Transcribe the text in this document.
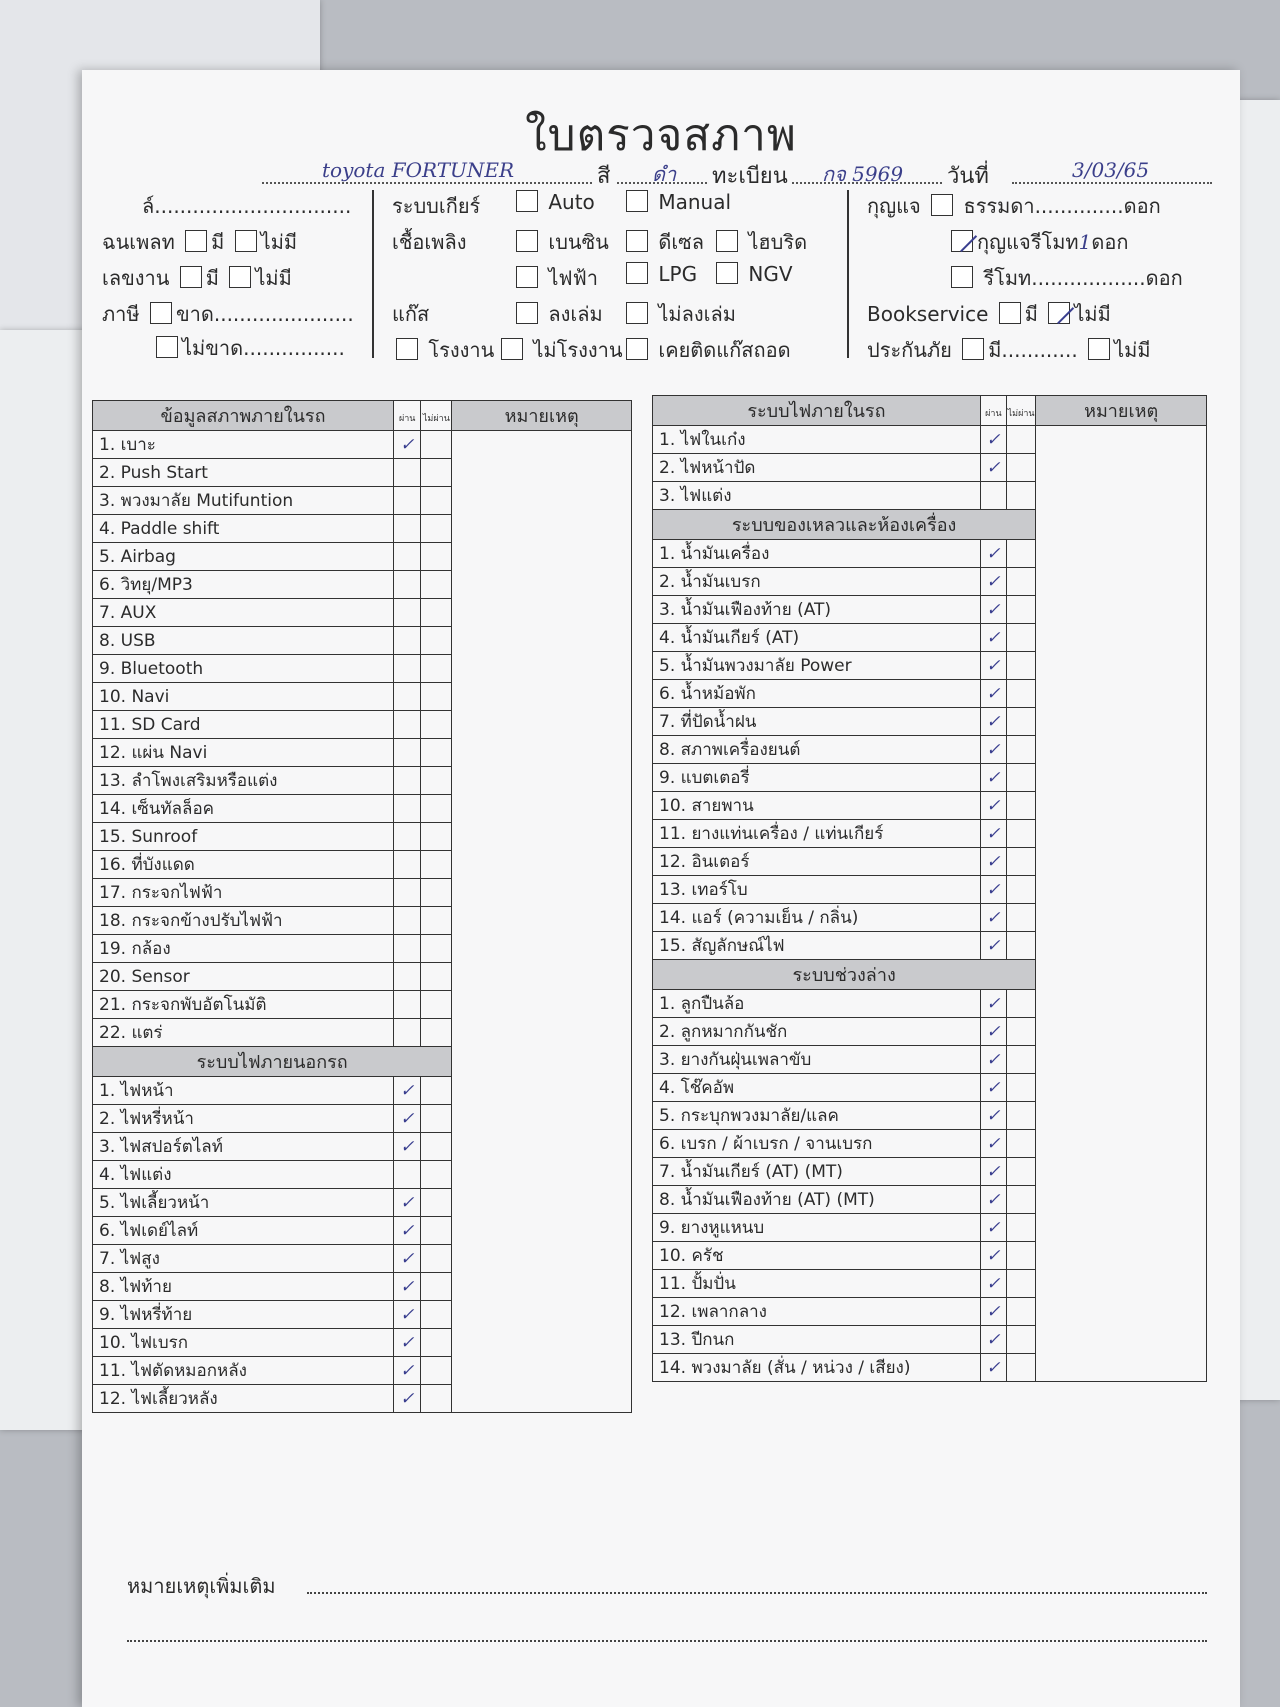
ใบตรวจสภาพ
toyota FORTUNER	สี ดำ ทะเบียน กจ 5969 วันที่	3/03/65
ล์...............................
ฉนเพลท มี ไม่มี
เลขงาน มี ไม่มี
ภาษี ขาด......................
ไม่ขาด................
ระบบเกียร์	Auto	Manual
เชื้อเพลิง	เบนซิน	ดีเซล	ไฮบริด
ไฟฟ้า	LPG	NGV
แก๊ส	ลงเล่ม	ไม่ลงเล่ม
โรงงาน	ไม่โรงงาน	เคยติดแก๊สถอด
กุญแจ ธรรมดา..............ดอก
กุญแจรีโมท1ดอก
รีโมท..................ดอก
Bookservice มี ไม่มี
ประกันภัย มี............ ไม่มี
ข้อมูลสภาพภายในรถ	ผ่าน	ไม่ผ่าน	หมายเหตุ
1. เบาะ	✓		
2. Push Start			
3. พวงมาลัย Mutifuntion			
4. Paddle shift			
5. Airbag			
6. วิทยุ/MP3			
7. AUX			
8. USB			
9. Bluetooth			
10. Navi			
11. SD Card			
12. แผ่น Navi			
13. ลำโพงเสริมหรือแต่ง			
14. เซ็นทัลล็อค			
15. Sunroof			
16. ที่บังแดด			
17. กระจกไฟฟ้า			
18. กระจกข้างปรับไฟฟ้า			
19. กล้อง			
20. Sensor			
21. กระจกพับอัตโนมัติ			
22. แตร่			
ระบบไฟภายนอกรถ			
1. ไฟหน้า	✓		
2. ไฟหรี่หน้า	✓		
3. ไฟสปอร์ตไลท์	✓		
4. ไฟแต่ง			
5. ไฟเลี้ยวหน้า	✓		
6. ไฟเดย์ไลท์	✓		
7. ไฟสูง	✓		
8. ไฟท้าย	✓		
9. ไฟหรี่ท้าย	✓		
10. ไฟเบรก	✓		
11. ไฟตัดหมอกหลัง	✓		
12. ไฟเลี้ยวหลัง	✓		
ระบบไฟภายในรถ	ผ่าน	ไม่ผ่าน	หมายเหตุ
1. ไฟในเก๋ง	✓		
2. ไฟหน้าปัด	✓		
3. ไฟแต่ง			
ระบบของเหลวและห้องเครื่อง			
1. น้ำมันเครื่อง	✓		
2. น้ำมันเบรก	✓		
3. น้ำมันเฟืองท้าย (AT)	✓		
4. น้ำมันเกียร์ (AT)	✓		
5. น้ำมันพวงมาลัย Power	✓		
6. น้ำหม้อพัก	✓		
7. ที่ปัดน้ำฝน	✓		
8. สภาพเครื่องยนต์	✓		
9. แบตเตอรี่	✓		
10. สายพาน	✓		
11. ยางแท่นเครื่อง / แท่นเกียร์	✓		
12. อินเตอร์	✓		
13. เทอร์โบ	✓		
14. แอร์ (ความเย็น / กลิ่น)	✓		
15. สัญลักษณ์ไฟ	✓		
ระบบช่วงล่าง			
1. ลูกปืนล้อ	✓		
2. ลูกหมากกันชัก	✓		
3. ยางกันฝุ่นเพลาขับ	✓		
4. โช๊คอัพ	✓		
5. กระบุกพวงมาลัย/แลค	✓		
6. เบรก / ผ้าเบรก / จานเบรก	✓		
7. น้ำมันเกียร์ (AT) (MT)	✓		
8. น้ำมันเฟืองท้าย (AT) (MT)	✓		
9. ยางหูแหนบ	✓		
10. ครัช	✓		
11. ปั้มปั่น	✓		
12. เพลากลาง	✓		
13. ปีกนก	✓		
14. พวงมาลัย (สั่น / หน่วง / เสียง)	✓		
หมายเหตุเพิ่มเติม
